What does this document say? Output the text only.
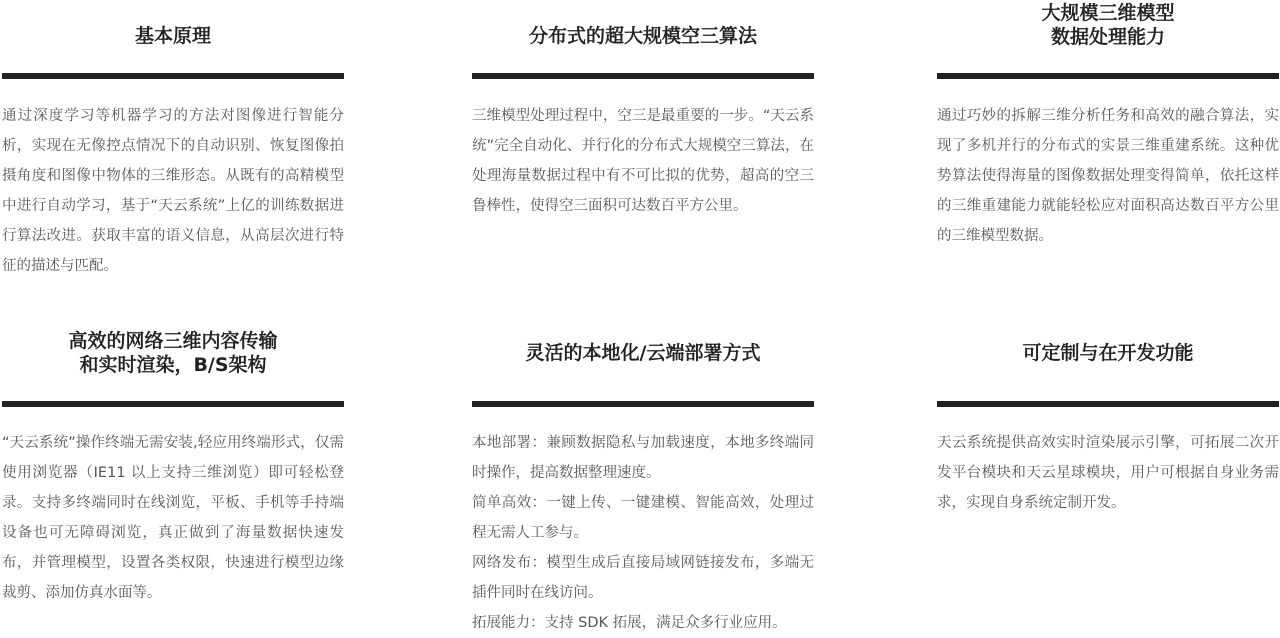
基本原理

通过深度学习等机器学习的方法对图像进行智能分析，实现在无像控点情况下的自动识别、恢复图像拍摄角度和图像中物体的三维形态。从既有的高精模型中进行自动学习，基于“天云系统”上亿的训练数据进行算法改进。获取丰富的语义信息，从高层次进行特征的描述与匹配。

分布式的超大规模空三算法

三维模型处理过程中，空三是最重要的一步。“天云系统”完全自动化、并行化的分布式大规模空三算法，在处理海量数据过程中有不可比拟的优势，超高的空三鲁棒性，使得空三面积可达数百平方公里。

大规模三维模型
数据处理能力

通过巧妙的拆解三维分析任务和高效的融合算法，实现了多机并行的分布式的实景三维重建系统。这种优势算法使得海量的图像数据处理变得简单，依托这样的三维重建能力就能轻松应对面积高达数百平方公里的三维模型数据。

高效的网络三维内容传输
和实时渲染，B/S架构

“天云系统”操作终端无需安装,轻应用终端形式，仅需使用浏览器（IE11 以上支持三维浏览）即可轻松登录。支持多终端同时在线浏览，平板、手机等手持端设备也可无障碍浏览，真正做到了海量数据快速发布，并管理模型，设置各类权限，快速进行模型边缘裁剪、添加仿真水面等。

灵活的本地化/云端部署方式

本地部署：兼顾数据隐私与加载速度，本地多终端同时操作，提高数据整理速度。
简单高效：一键上传、一键建模、智能高效，处理过程无需人工参与。
网络发布：模型生成后直接局域网链接发布，多端无插件同时在线访问。
拓展能力：支持 SDK 拓展，满足众多行业应用。

可定制与在开发功能

天云系统提供高效实时渲染展示引擎，可拓展二次开发平台模块和天云星球模块，用户可根据自身业务需求，实现自身系统定制开发。
